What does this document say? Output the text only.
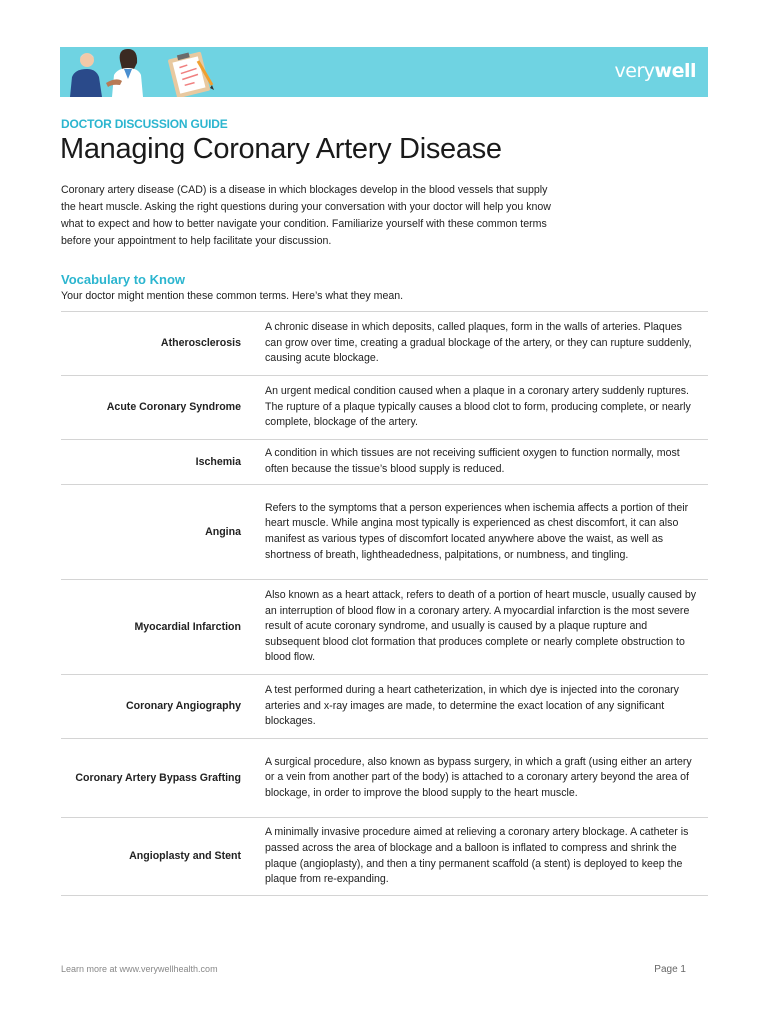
verywell
DOCTOR DISCUSSION GUIDE
Managing Coronary Artery Disease

Coronary artery disease (CAD) is a disease in which blockages develop in the blood vessels that supply the heart muscle. Asking the right questions during your conversation with your doctor will help you know what to expect and how to better navigate your condition. Familiarize yourself with these common terms before your appointment to help facilitate your discussion.

Vocabulary to Know

Your doctor might mention these common terms. Here’s what they mean.

Atherosclerosis
A chronic disease in which deposits, called plaques, form in the walls of arteries. Plaques can grow over time, creating a gradual blockage of the artery, or they can rupture suddenly, causing acute blockage.
Acute Coronary Syndrome
An urgent medical condition caused when a plaque in a coronary artery suddenly ruptures. The rupture of a plaque typically causes a blood clot to form, producing complete, or nearly complete, blockage of the artery.
Ischemia
A condition in which tissues are not receiving sufficient oxygen to function normally, most often because the tissue’s blood supply is reduced.
Angina
Refers to the symptoms that a person experiences when ischemia affects a portion of their heart muscle. While angina most typically is experienced as chest discomfort, it can also manifest as various types of discomfort located anywhere above the waist, as well as shortness of breath, lightheadedness, palpitations, or numbness, and tingling.
Myocardial Infarction
Also known as a heart attack, refers to death of a portion of heart muscle, usually caused by an interruption of blood flow in a coronary artery. A myocardial infarction is the most severe result of acute coronary syndrome, and usually is caused by a plaque rupture and subsequent blood clot formation that produces complete or nearly complete obstruction to blood flow.
Coronary Angiography
A test performed during a heart catheterization, in which dye is injected into the coronary arteries and x-ray images are made, to determine the exact location of any significant blockages.
Coronary Artery Bypass Grafting
A surgical procedure, also known as bypass surgery, in which a graft (using either an artery or a vein from another part of the body) is attached to a coronary artery beyond the area of blockage, in order to improve the blood supply to the heart muscle.
Angioplasty and Stent
A minimally invasive procedure aimed at relieving a coronary artery blockage. A catheter is passed across the area of blockage and a balloon is inflated to compress and shrink the plaque (angioplasty), and then a tiny permanent scaffold (a stent) is deployed to keep the plaque from re-expanding.
Learn more at www.verywellhealth.com	Page 1
